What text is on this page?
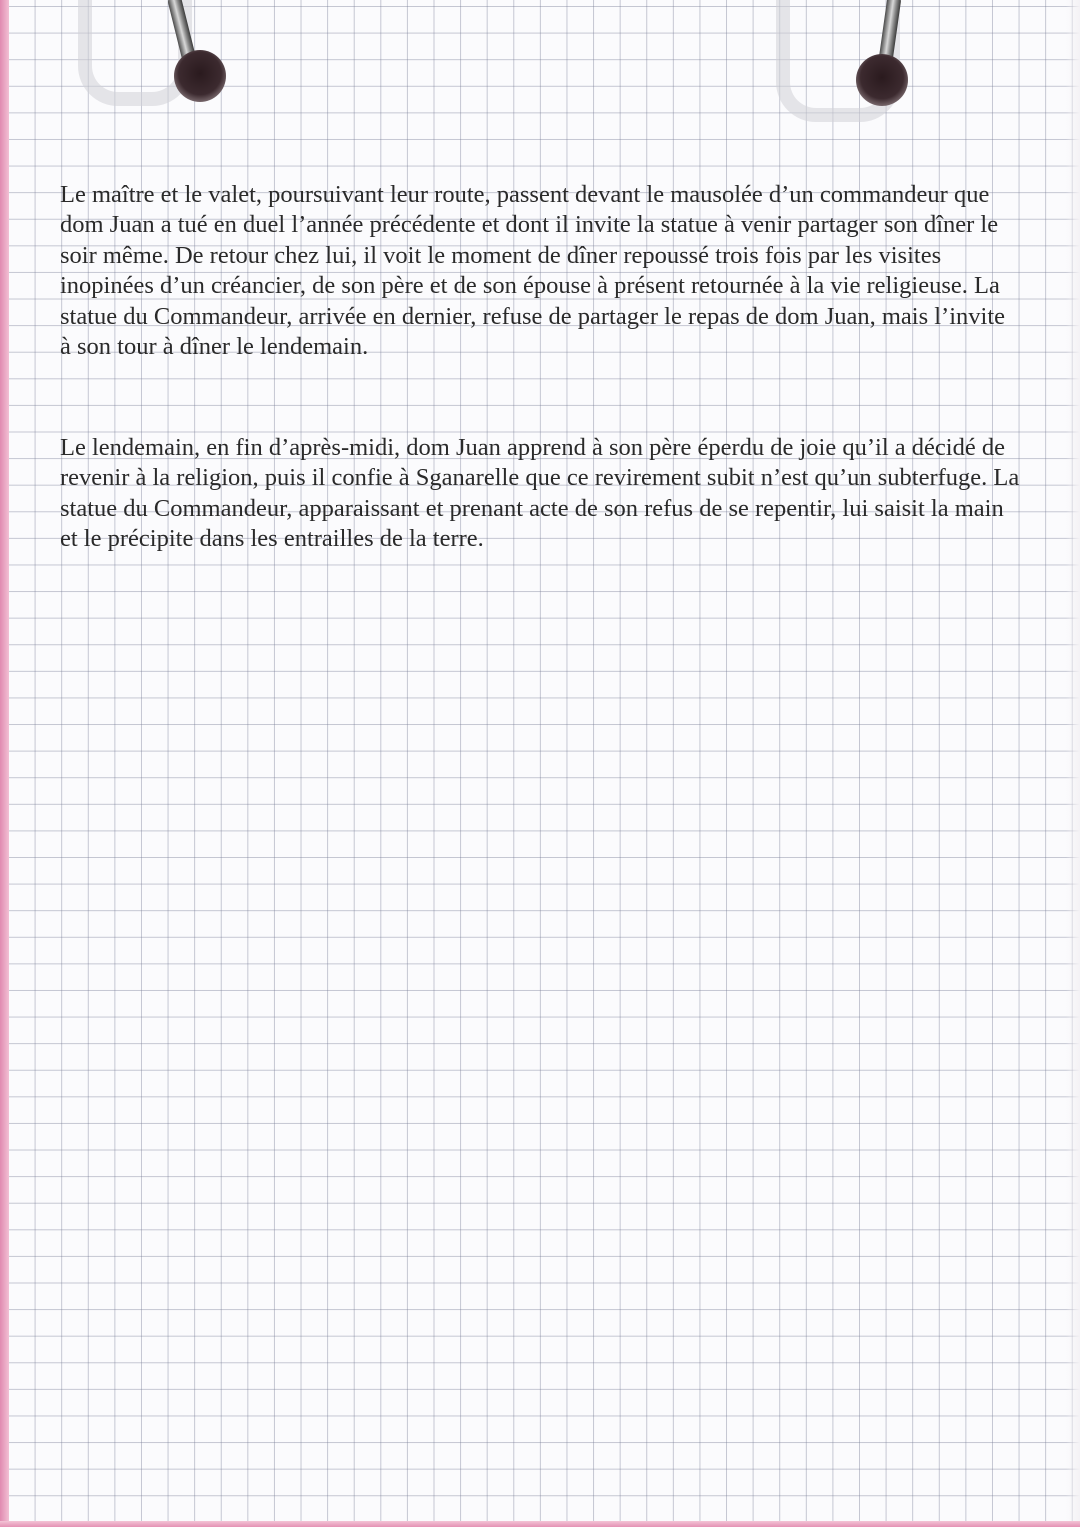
Le maître et le valet, poursuivant leur route, passent devant le mausolée d’un commandeur que dom Juan a tué en duel l’année précédente et dont il invite la statue à venir partager son dîner le soir même. De retour chez lui, il voit le moment de dîner repoussé trois fois par les visites inopinées d’un créancier, de son père et de son épouse à présent retournée à la vie religieuse. La statue du Commandeur, arrivée en dernier, refuse de partager le repas de dom Juan, mais l’invite à son tour à dîner le lendemain.

Le lendemain, en fin d’après-midi, dom Juan apprend à son père éperdu de joie qu’il a décidé de revenir à la religion, puis il confie à Sganarelle que ce revirement subit n’est qu’un subterfuge. La statue du Commandeur, apparaissant et prenant acte de son refus de se repentir, lui saisit la main et le précipite dans les entrailles de la terre.
